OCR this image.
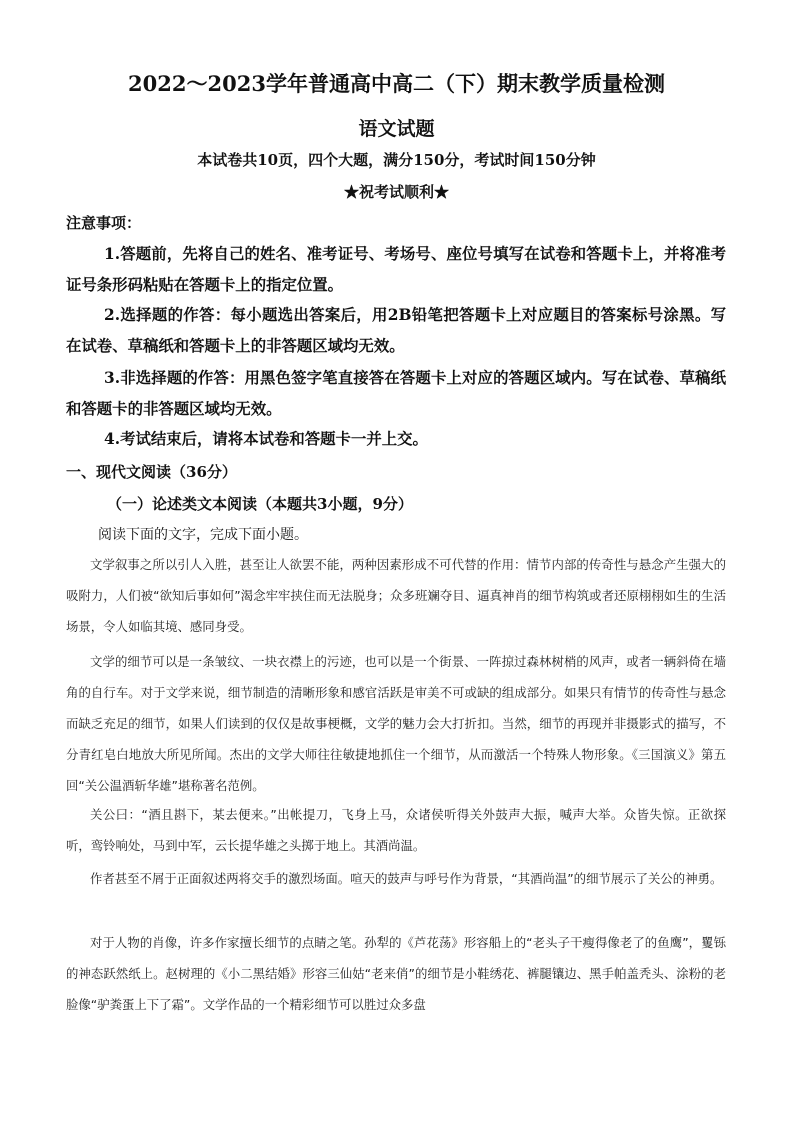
2022～2023学年普通高中高二（下）期末教学质量检测
语文试题
本试卷共10页，四个大题，满分150分，考试时间150分钟
★祝考试顺利★
注意事项：

1.答题前，先将自己的姓名、准考证号、考场号、座位号填写在试卷和答题卡上，并将准考证号条形码粘贴在答题卡上的指定位置。

2.选择题的作答：每小题选出答案后，用2B铅笔把答题卡上对应题目的答案标号涂黑。写在试卷、草稿纸和答题卡上的非答题区域均无效。

3.非选择题的作答：用黑色签字笔直接答在答题卡上对应的答题区域内。写在试卷、草稿纸和答题卡的非答题区域均无效。

4.考试结束后，请将本试卷和答题卡一并上交。

一、现代文阅读（36分）
（一）论述类文本阅读（本题共3小题，9分）
阅读下面的文字，完成下面小题。

文学叙事之所以引人入胜，甚至让人欲罢不能，两种因素形成不可代替的作用：情节内部的传奇性与悬念产生强大的吸附力，人们被“欲知后事如何”渴念牢牢挟住而无法脱身；众多班斓夺目、逼真神肖的细节构筑或者还原栩栩如生的生活场景，令人如临其境、感同身受。

文学的细节可以是一条皱纹、一块衣襟上的污迹，也可以是一个街景、一阵掠过森林树梢的风声，或者一辆斜倚在墙角的自行车。对于文学来说，细节制造的清晰形象和感官活跃是审美不可或缺的组成部分。如果只有情节的传奇性与悬念而缺乏充足的细节，如果人们读到的仅仅是故事梗概，文学的魅力会大打折扣。当然，细节的再现并非摄影式的描写，不分青红皂白地放大所见所闻。杰出的文学大师往往敏捷地抓住一个细节，从而激活一个特殊人物形象。《三国演义》第五回“关公温酒斩华雄”堪称著名范例。

关公曰：“酒且斟下，某去便来。”出帐提刀，飞身上马，众诸侯听得关外鼓声大振，喊声大举。众皆失惊。正欲探听，鸾铃响处，马到中军，云长提华雄之头掷于地上。其酒尚温。

作者甚至不屑于正面叙述两将交手的激烈场面。喧天的鼓声与呼号作为背景，“其酒尚温”的细节展示了关公的神勇。

对于人物的肖像，许多作家擅长细节的点睛之笔。孙犁的《芦花荡》形容船上的“老头子干瘦得像老了的鱼鹰”，矍铄的神态跃然纸上。赵树理的《小二黑结婚》形容三仙姑“老来俏”的细节是小鞋绣花、裤腿镶边、黑手帕盖秃头、涂粉的老脸像“驴粪蛋上下了霜”。文学作品的一个精彩细节可以胜过众多盘
